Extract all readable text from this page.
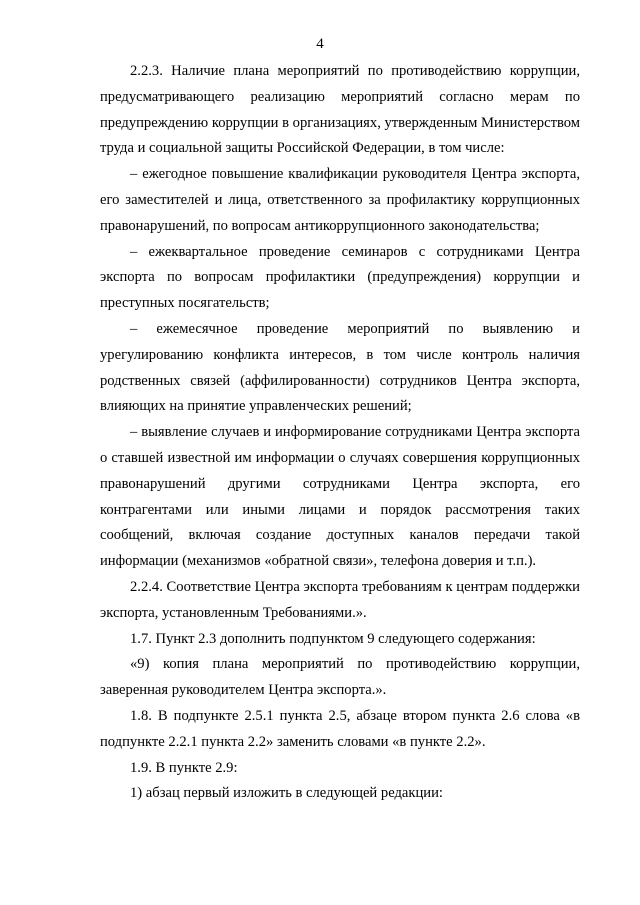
4

2.2.3. Наличие плана мероприятий по противодействию коррупции, предусматривающего реализацию мероприятий согласно мерам по предупреждению коррупции в организациях, утвержденным Министерством труда и социальной защиты Российской Федерации, в том числе:

– ежегодное повышение квалификации руководителя Центра экспорта, его заместителей и лица, ответственного за профилактику коррупционных правонарушений, по вопросам антикоррупционного законодательства;

– ежеквартальное проведение семинаров с сотрудниками Центра экспорта по вопросам профилактики (предупреждения) коррупции и преступных посягательств;

– ежемесячное проведение мероприятий по выявлению и урегулированию конфликта интересов, в том числе контроль наличия родственных связей (аффилированности) сотрудников Центра экспорта, влияющих на принятие управленческих решений;

– выявление случаев и информирование сотрудниками Центра экспорта о ставшей известной им информации о случаях совершения коррупционных правонарушений другими сотрудниками Центра экспорта, его контрагентами или иными лицами и порядок рассмотрения таких сообщений, включая создание доступных каналов передачи такой информации (механизмов «обратной связи», телефона доверия и т.п.).

2.2.4. Соответствие Центра экспорта требованиям к центрам поддержки экспорта, установленным Требованиями.».

1.7. Пункт 2.3 дополнить подпунктом 9 следующего содержания:

«9) копия плана мероприятий по противодействию коррупции, заверенная руководителем Центра экспорта.».

1.8. В подпункте 2.5.1 пункта 2.5, абзаце втором пункта 2.6 слова «в подпункте 2.2.1 пункта 2.2» заменить словами «в пункте 2.2».

1.9. В пункте 2.9:

1) абзац первый изложить в следующей редакции:
